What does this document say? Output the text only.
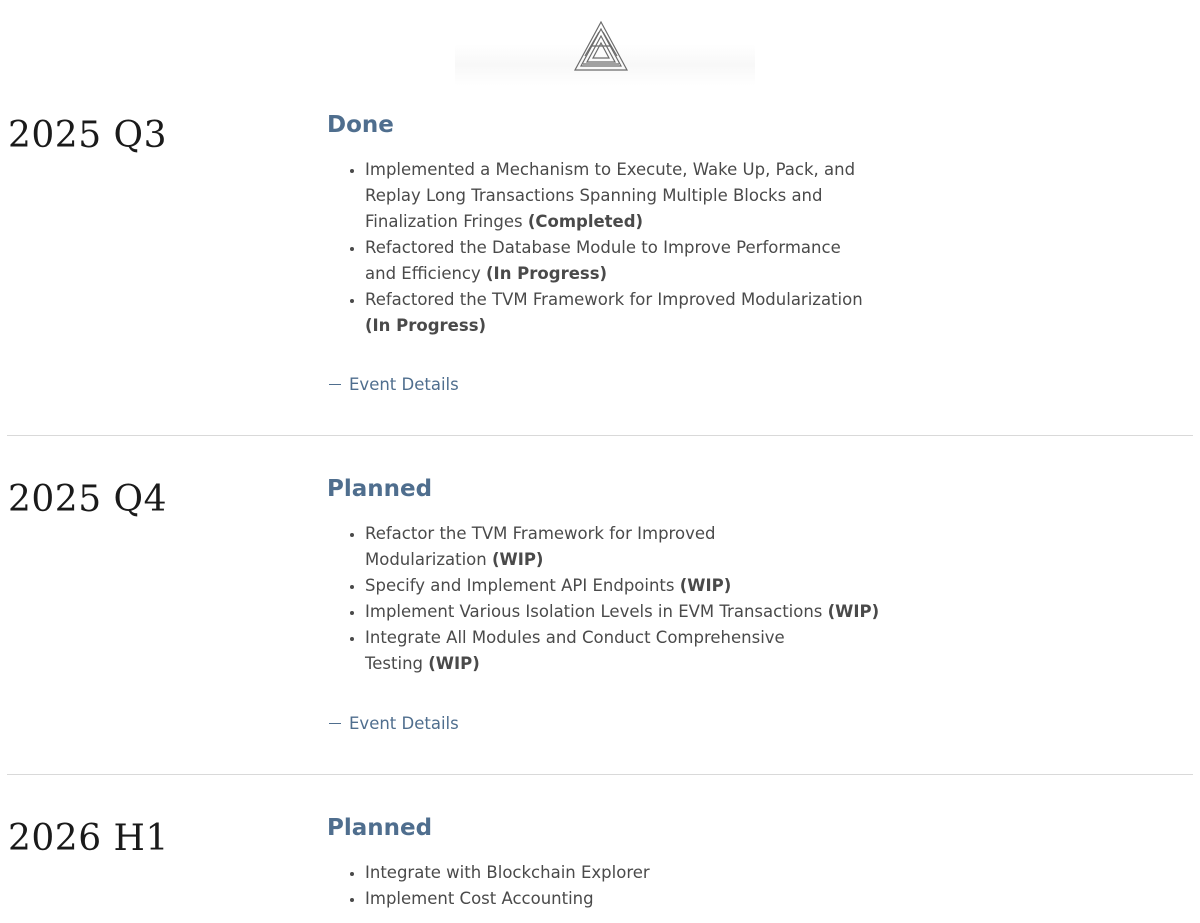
2025 Q3	Done
• Implemented a Mechanism to Execute, Wake Up, Pack, and Replay Long Transactions Spanning Multiple Blocks and Finalization Fringes (Completed)
• Refactored the Database Module to Improve Performance and Efficiency (In Progress)
• Refactored the TVM Framework for Improved Modularization (In Progress)
Event Details
2025 Q4	Planned
• Refactor the TVM Framework for Improved Modularization (WIP)
• Specify and Implement API Endpoints (WIP)
• Implement Various Isolation Levels in EVM Transactions (WIP)
• Integrate All Modules and Conduct Comprehensive Testing (WIP)
Event Details
2026 H1	Planned
• Integrate with Blockchain Explorer
• Implement Cost Accounting
